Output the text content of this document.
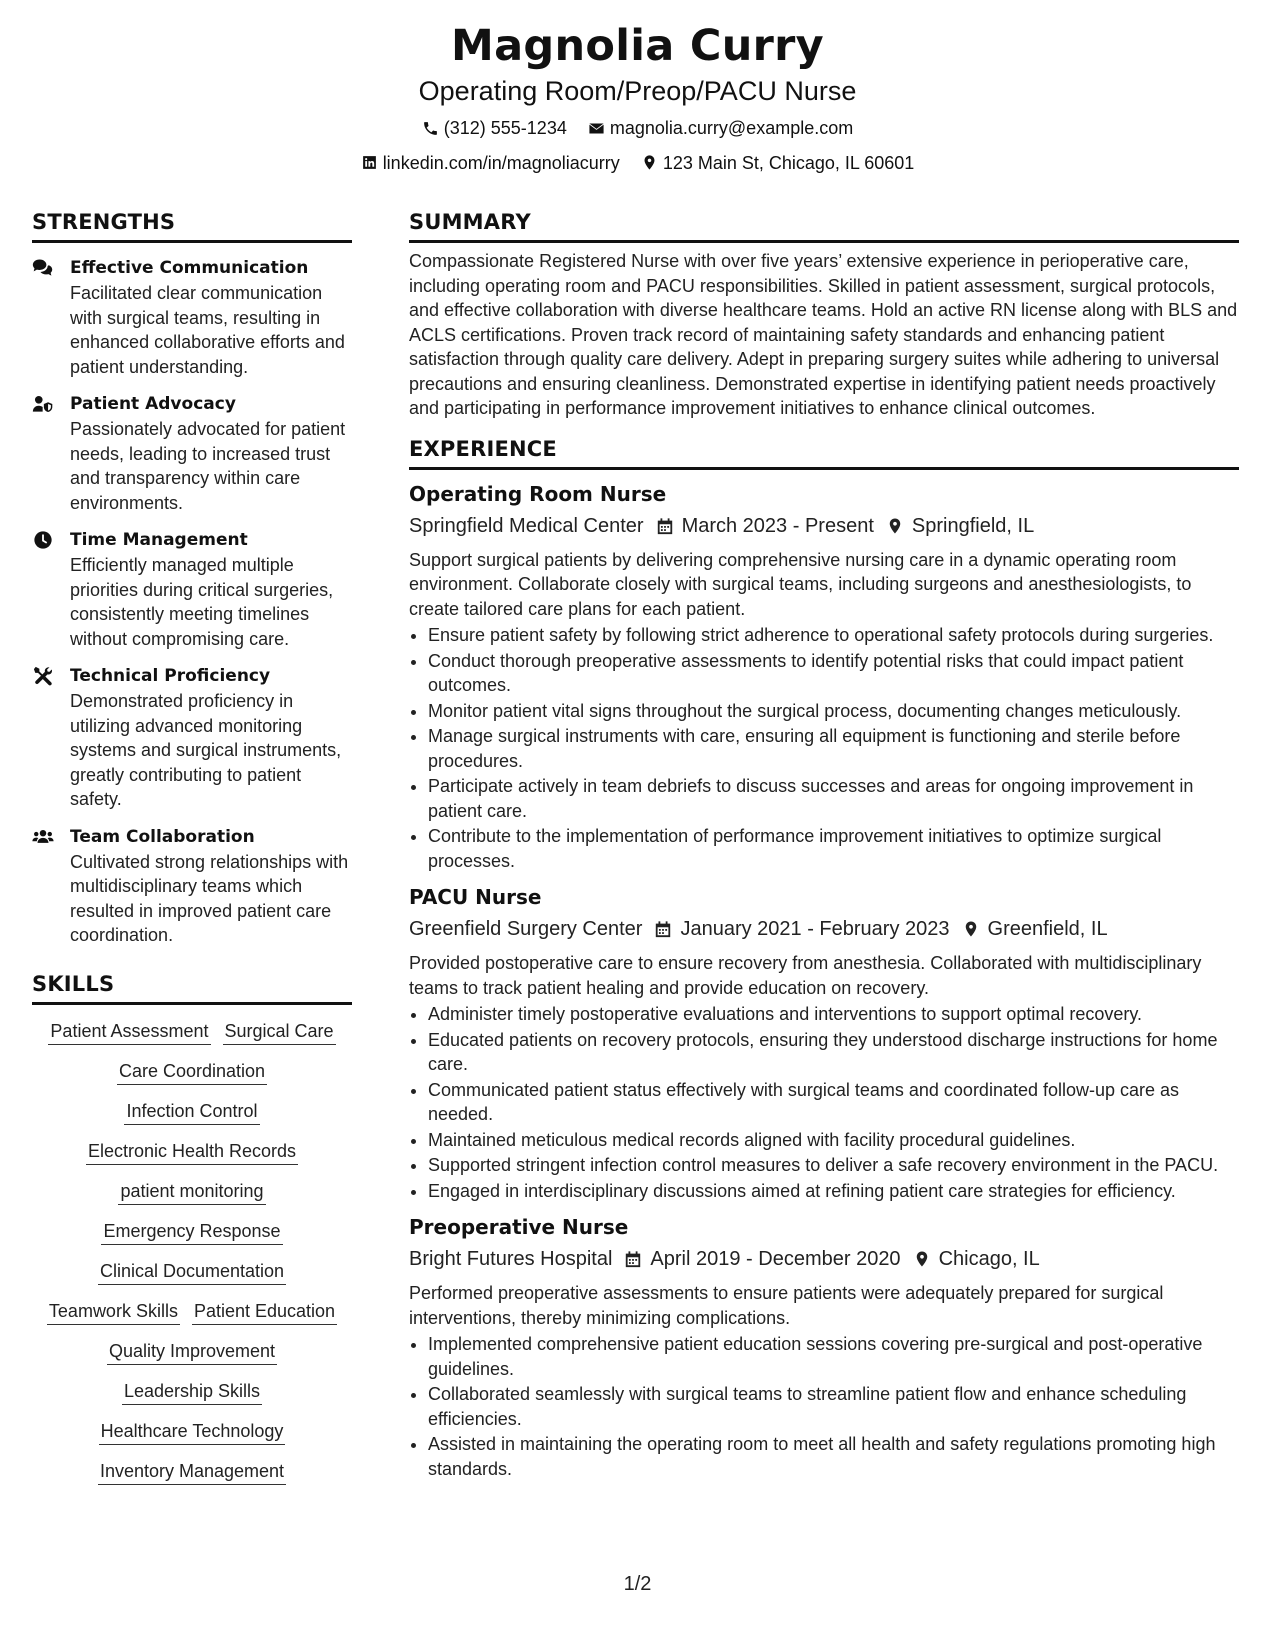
Magnolia Curry
Operating Room/Preop/PACU Nurse
(312) 555-1234
magnolia.curry@example.com
linkedin.com/in/magnoliacurry
123 Main St, Chicago, IL 60601
STRENGTHS
Effective Communication
Facilitated clear communication with surgical teams, resulting in enhanced collaborative efforts and patient understanding.
Patient Advocacy
Passionately advocated for patient needs, leading to increased trust and transparency within care environments.
Time Management
Efficiently managed multiple priorities during critical surgeries, consistently meeting timelines without compromising care.
Technical Proficiency
Demonstrated proficiency in utilizing advanced monitoring systems and surgical instruments, greatly contributing to patient safety.
Team Collaboration
Cultivated strong relationships with multidisciplinary teams which resulted in improved patient care coordination.
SKILLS
Patient Assessment Surgical Care
Care Coordination
Infection Control
Electronic Health Records
patient monitoring
Emergency Response
Clinical Documentation
Teamwork Skills Patient Education
Quality Improvement
Leadership Skills
Healthcare Technology
Inventory Management
SUMMARY
Compassionate Registered Nurse with over five years’ extensive experience in perioperative care, including operating room and PACU responsibilities. Skilled in patient assessment, surgical protocols, and effective collaboration with diverse healthcare teams. Hold an active RN license along with BLS and ACLS certifications. Proven track record of maintaining safety standards and enhancing patient satisfaction through quality care delivery. Adept in preparing surgery suites while adhering to universal precautions and ensuring cleanliness. Demonstrated expertise in identifying patient needs proactively and participating in performance improvement initiatives to enhance clinical outcomes.
EXPERIENCE
Operating Room Nurse
Springfield Medical Center March 2023 - Present Springfield, IL
Support surgical patients by delivering comprehensive nursing care in a dynamic operating room environment. Collaborate closely with surgical teams, including surgeons and anesthesiologists, to create tailored care plans for each patient.
• Ensure patient safety by following strict adherence to operational safety protocols during surgeries.
• Conduct thorough preoperative assessments to identify potential risks that could impact patient outcomes.
• Monitor patient vital signs throughout the surgical process, documenting changes meticulously.
• Manage surgical instruments with care, ensuring all equipment is functioning and sterile before procedures.
• Participate actively in team debriefs to discuss successes and areas for ongoing improvement in patient care.
• Contribute to the implementation of performance improvement initiatives to optimize surgical processes.
PACU Nurse
Greenfield Surgery Center January 2021 - February 2023 Greenfield, IL
Provided postoperative care to ensure recovery from anesthesia. Collaborated with multidisciplinary teams to track patient healing and provide education on recovery.
• Administer timely postoperative evaluations and interventions to support optimal recovery.
• Educated patients on recovery protocols, ensuring they understood discharge instructions for home care.
• Communicated patient status effectively with surgical teams and coordinated follow-up care as needed.
• Maintained meticulous medical records aligned with facility procedural guidelines.
• Supported stringent infection control measures to deliver a safe recovery environment in the PACU.
• Engaged in interdisciplinary discussions aimed at refining patient care strategies for efficiency.
Preoperative Nurse
Bright Futures Hospital April 2019 - December 2020 Chicago, IL
Performed preoperative assessments to ensure patients were adequately prepared for surgical interventions, thereby minimizing complications.
• Implemented comprehensive patient education sessions covering pre-surgical and post-operative guidelines.
• Collaborated seamlessly with surgical teams to streamline patient flow and enhance scheduling efficiencies.
• Assisted in maintaining the operating room to meet all health and safety regulations promoting high standards.
1/2
